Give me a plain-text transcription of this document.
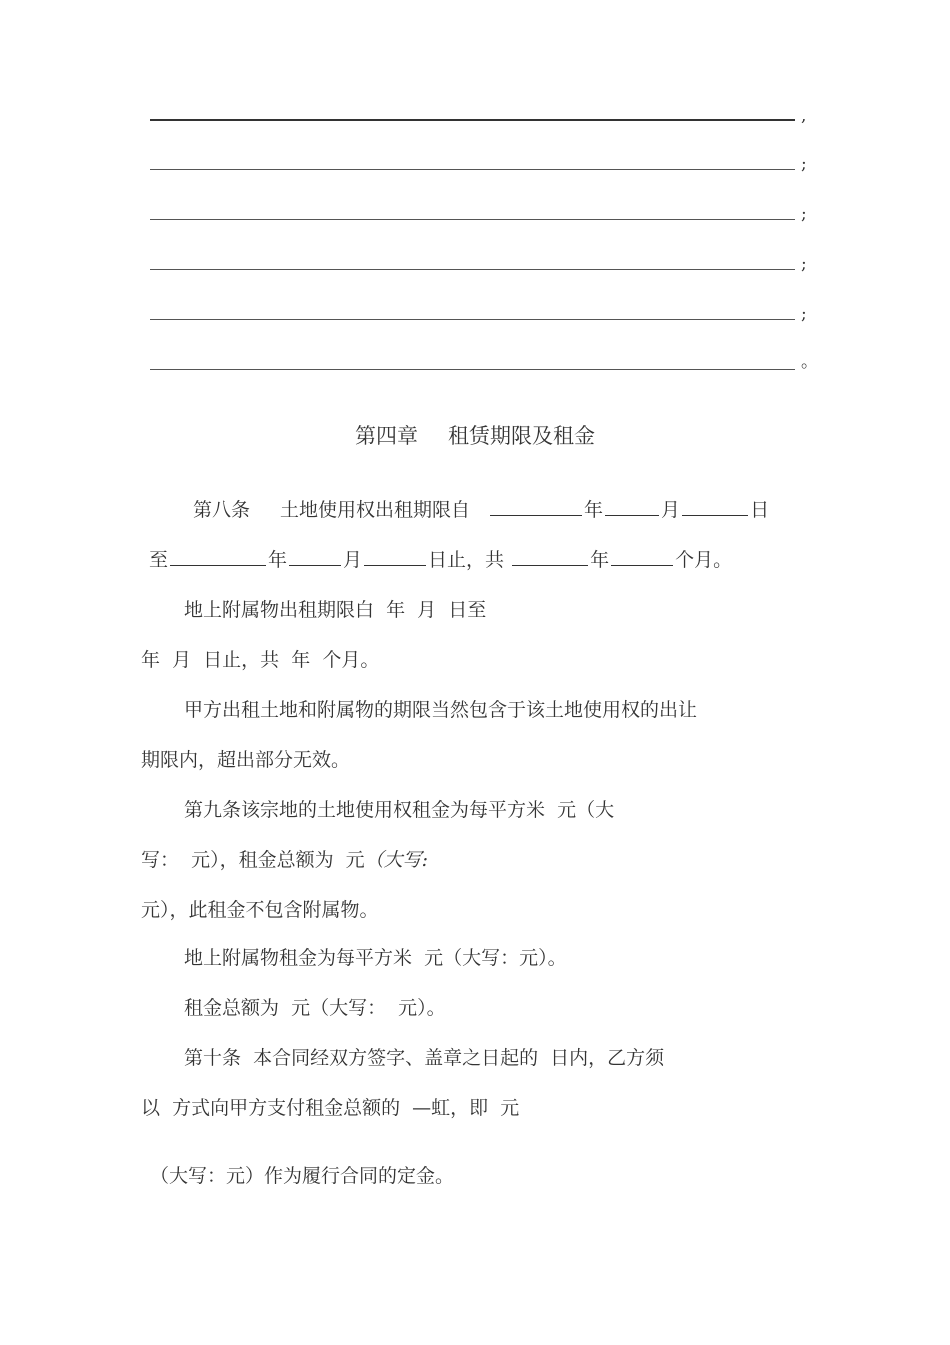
,
;
;
;
;
。
第四章 租赁期限及租金
第八条 土地使用权出租期限自	年	月	日
至	年	月	日止，共	年	个月。
地上附属物出租期限白  年  月  日至
年  月  日止，共  年  个月。
甲方出租土地和附属物的期限当然包含于该土地使用权的出让
期限内，超出部分无效。
第九条该宗地的土地使用权租金为每平方米  元（大
写：  元），租金总额为  元（大写:
元），此租金不包含附属物。
地上附属物租金为每平方米  元（大写：元）。
租金总额为  元（大写：  元）。
第十条  本合同经双方签字、盖章之日起的  日内，乙方须
以  方式向甲方支付租金总额的  —虹，即  元
（大写：元）作为履行合同的定金。
